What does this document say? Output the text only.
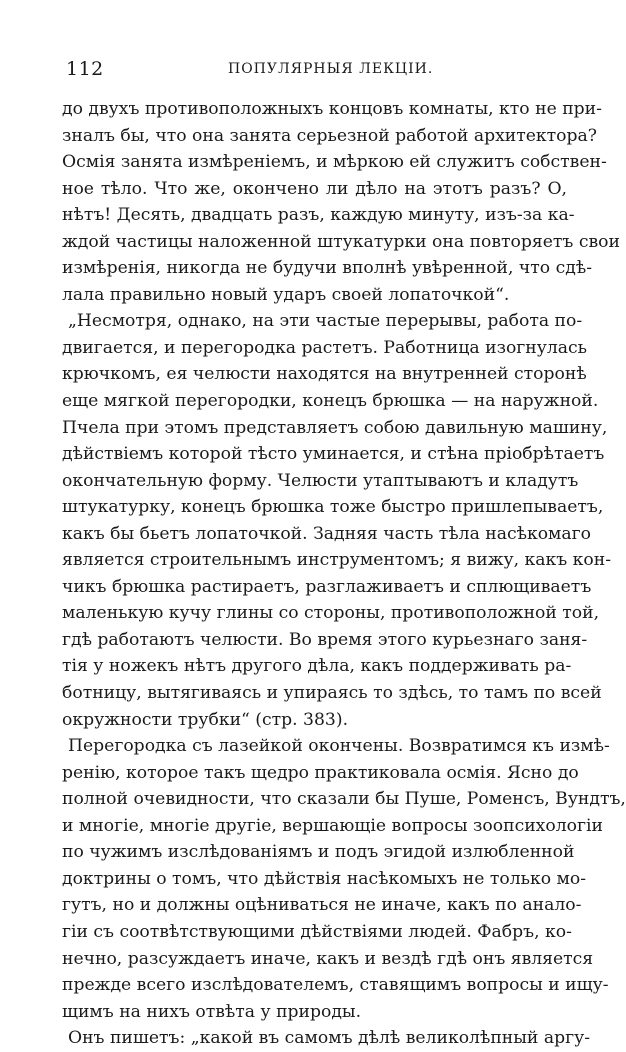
112	ПОПУЛЯРНЫЯ ЛЕКЦІИ.
до двухъ противоположныхъ концовъ комнаты, кто не при-
зналъ бы, что она занята серьезной работой архитектора?
Осмія занята измѣреніемъ, и мѣркою ей служитъ собствен-
ное тѣло. Что же, окончено ли дѣло на этотъ разъ? О,
нѣтъ! Десять, двадцать разъ, каждую минуту, изъ-за ка-
ждой частицы наложенной штукатурки она повторяетъ свои
измѣренія, никогда не будучи вполнѣ увѣренной, что сдѣ-
лала правильно новый ударъ своей лопаточкой“.
„Несмотря, однако, на эти частые перерывы, работа по-
двигается, и перегородка растетъ. Работница изогнулась
крючкомъ, ея челюсти находятся на внутренней сторонѣ
еще мягкой перегородки, конецъ брюшка — на наружной.
Пчела при этомъ представляетъ собою давильную машину,
дѣйствіемъ которой тѣсто уминается, и стѣна пріобрѣтаетъ
окончательную форму. Челюсти утаптываютъ и кладутъ
штукатурку, конецъ брюшка тоже быстро пришлепываетъ,
какъ бы бьетъ лопаточкой. Задняя часть тѣла насѣкомаго
является строительнымъ инструментомъ; я вижу, какъ кон-
чикъ брюшка растираетъ, разглаживаетъ и сплющиваетъ
маленькую кучу глины со стороны, противоположной той,
гдѣ работаютъ челюсти. Во время этого курьезнаго заня-
тія у ножекъ нѣтъ другого дѣла, какъ поддерживать ра-
ботницу, вытягиваясь и упираясь то здѣсь, то тамъ по всей
окружности трубки“ (стр. 383).
Перегородка съ лазейкой окончены. Возвратимся къ измѣ-
ренію, которое такъ щедро практиковала осмія. Ясно до
полной очевидности, что сказали бы Пуше, Роменсъ, Вундтъ,
и многіе, многіе другіе, вершающіе вопросы зоопсихологіи
по чужимъ изслѣдованіямъ и подъ эгидой излюбленной
доктрины о томъ, что дѣйствія насѣкомыхъ не только мо-
гутъ, но и должны оцѣниваться не иначе, какъ по анало-
гіи съ соотвѣтствующими дѣйствіями людей. Фабръ, ко-
нечно, разсуждаетъ иначе, какъ и вездѣ гдѣ онъ является
прежде всего изслѣдователемъ, ставящимъ вопросы и ищу-
щимъ на нихъ отвѣта у природы.
Онъ пишетъ: „какой въ самомъ дѣлѣ великолѣпный аргу-
